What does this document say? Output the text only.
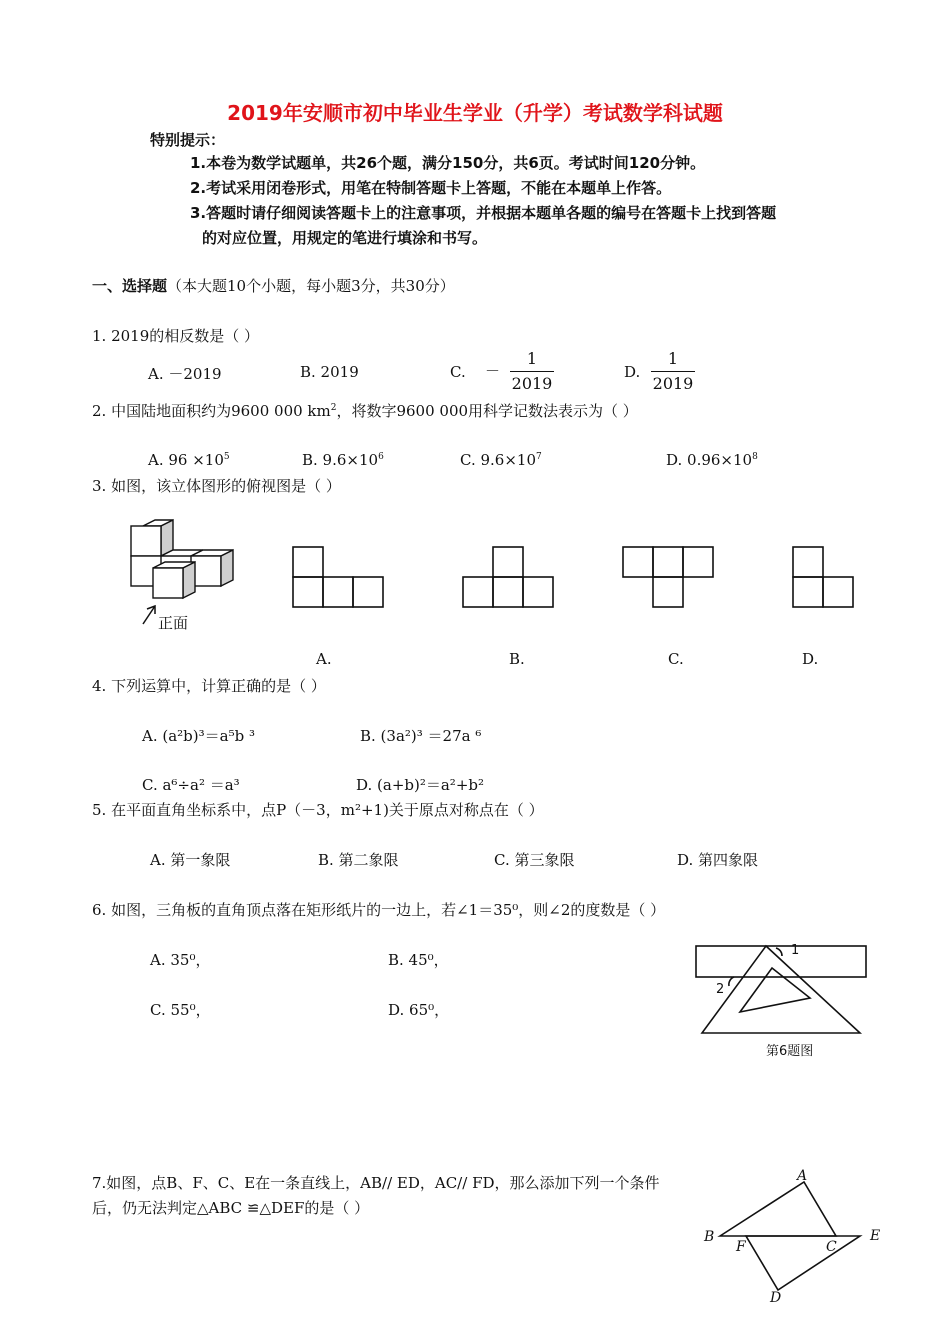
2019年安顺市初中毕业生学业（升学）考试数学科试题
特别提示：
1.本卷为数学试题单，共26个题，满分150分，共6页。考试时间120分钟。
2.考试采用闭卷形式，用笔在特制答题卡上答题，不能在本题单上作答。
3.答题时请仔细阅读答题卡上的注意事项，并根据本题单各题的编号在答题卡上找到答题
的对应位置，用规定的笔进行填涂和书写。
一、选择题（本大题10个小题，每小题3分，共30分）
1. 2019的相反数是（ ）
A. －2019	B. 2019	C. －
1
2019
D.
1
2019
2. 中国陆地面积约为9600 000 $km^2$，将数字9600 000用科学记数法表示为（ ）
A. $96 \times 10^5$	B. $9.6\times 10^6$	C. $9.6\times 10^7$	D. $0.96\times 10^8$
3. 如图，该立体图形的俯视图是（ ）
正面
A.	B.	C.	D.
4. 下列运算中，计算正确的是（ ）
A. (a²b)³＝a⁵b ³	B. (3a²)³ ＝27a ⁶
C. a⁶÷a² ＝a³	D. (a+b)²＝a²+b²
5. 在平面直角坐标系中，点P（－3，m²+1)关于原点对称点在（ ）
A. 第一象限	B. 第二象限	C. 第三象限	D. 第四象限
6. 如图，三角板的直角顶点落在矩形纸片的一边上，若∠1＝35⁰，则∠2的度数是（ ）
A. 35⁰，	B. 45⁰，
C. 55⁰，	D. 65⁰，
1
2
第6题图
7.如图，点B、F、C、E在一条直线上，AB// ED，AC// FD，那么添加下列一个条件
后，仍无法判定△ABC ≌△DEF的是（ ）
A
B
F	C
E
D
